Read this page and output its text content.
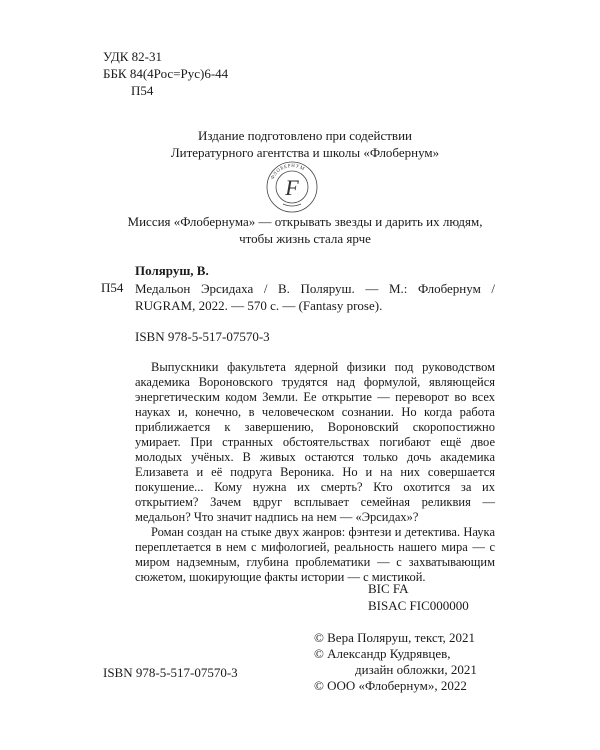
УДК 82-31
ББК 84(4Рос=Рус)6-44
П54
Издание подготовлено при содействии
Литературного агентства и школы «Флобернум»
ФЛОБЕРНУМ
F
Миссия «Флобернума» — открывать звезды и дарить их людям,
чтобы жизнь стала ярче
Поляруш, В.
П54 Медальон Эрсидаха / В. Поляруш. — М.: Флобернум /
RUGRAM, 2022. — 570 с. — (Fantasy prose).
ISBN 978-5-517-07570-3

Выпускники факультета ядерной физики под руководством академика Вороновского трудятся над формулой, являющейся энергетическим кодом Земли. Ее открытие — переворот во всех науках и, конечно, в человеческом сознании. Но когда работа приближается к завершению, Вороновский скоропостижно умирает. При странных обстоятельствах погибают ещё двое молодых учёных. В живых остаются только дочь академика Елизавета и её подруга Вероника. Но и на них совершается покушение... Кому нужна их смерть? Кто охотится за их открытием? Зачем вдруг всплывает семейная реликвия — медальон? Что значит надпись на нем — «Эрсидах»?

Роман создан на стыке двух жанров: фэнтези и детектива. Наука переплетается в нем с мифологией, реальность нашего мира — с миром надземным, глубина проблематики — с захватывающим сюжетом, шокирующие факты истории — с мистикой.

BIC FA
BISAC FIC000000
© Вера Поляруш, текст, 2021
© Александр Кудрявцев,
дизайн обложки, 2021
© ООО «Флобернум», 2022
ISBN 978-5-517-07570-3
